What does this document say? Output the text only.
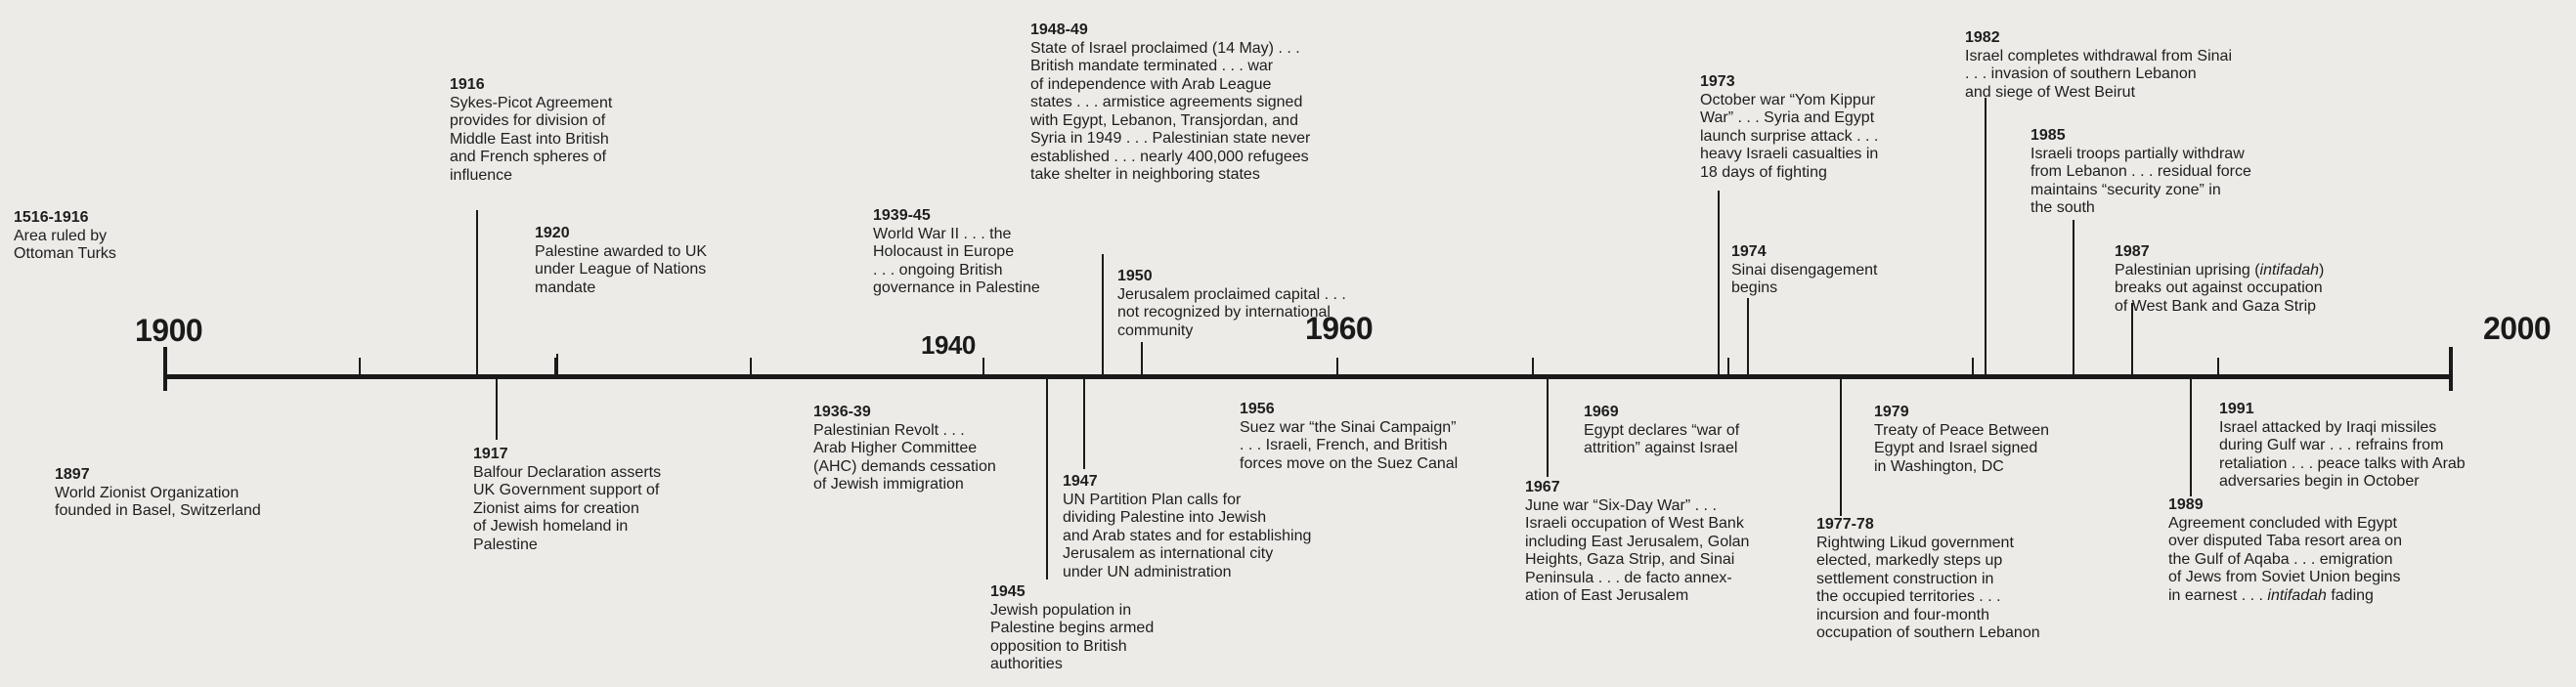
1900	1940	1960	2000
1516-1916
Area ruled by
Ottoman Turks
1897
World Zionist Organization
founded in Basel, Switzerland
1916
Sykes-Picot Agreement
provides for division of
Middle East into British
and French spheres of
influence
1917
Balfour Declaration asserts
UK Government support of
Zionist aims for creation
of Jewish homeland in
Palestine
1920
Palestine awarded to UK
under League of Nations
mandate
1936-39
Palestinian Revolt . . .
Arab Higher Committee
(AHC) demands cessation
of Jewish immigration
1939-45
World War II . . . the
Holocaust in Europe
. . . ongoing British
governance in Palestine
1945
Jewish population in
Palestine begins armed
opposition to British
authorities
1947
UN Partition Plan calls for
dividing Palestine into Jewish
and Arab states and for establishing
Jerusalem as international city
under UN administration
1948-49
State of Israel proclaimed (14 May) . . .
British mandate terminated . . . war
of independence with Arab League
states . . . armistice agreements signed
with Egypt, Lebanon, Transjordan, and
Syria in 1949 . . . Palestinian state never
established . . . nearly 400,000 refugees
take shelter in neighboring states
1950
Jerusalem proclaimed capital . . .
not recognized by international
community
1956
Suez war “the Sinai Campaign”
. . . Israeli, French, and British
forces move on the Suez Canal
1967
June war “Six-Day War” . . .
Israeli occupation of West Bank
including East Jerusalem, Golan
Heights, Gaza Strip, and Sinai
Peninsula . . . de facto annex-
ation of East Jerusalem
1969
Egypt declares “war of
attrition” against Israel
1973
October war “Yom Kippur
War” . . . Syria and Egypt
launch surprise attack . . .
heavy Israeli casualties in
18 days of fighting
1974
Sinai disengagement
begins
1977-78
Rightwing Likud government
elected, markedly steps up
settlement construction in
the occupied territories . . .
incursion and four-month
occupation of southern Lebanon
1979
Treaty of Peace Between
Egypt and Israel signed
in Washington, DC
1982
Israel completes withdrawal from Sinai
. . . invasion of southern Lebanon
and siege of West Beirut
1985
Israeli troops partially withdraw
from Lebanon . . . residual force
maintains “security zone” in
the south
1987
Palestinian uprising (intifadah)
breaks out against occupation
of West Bank and Gaza Strip
1989
Agreement concluded with Egypt
over disputed Taba resort area on
the Gulf of Aqaba . . . emigration
of Jews from Soviet Union begins
in earnest . . . intifadah fading
1991
Israel attacked by Iraqi missiles
during Gulf war . . . refrains from
retaliation . . . peace talks with Arab
adversaries begin in October
